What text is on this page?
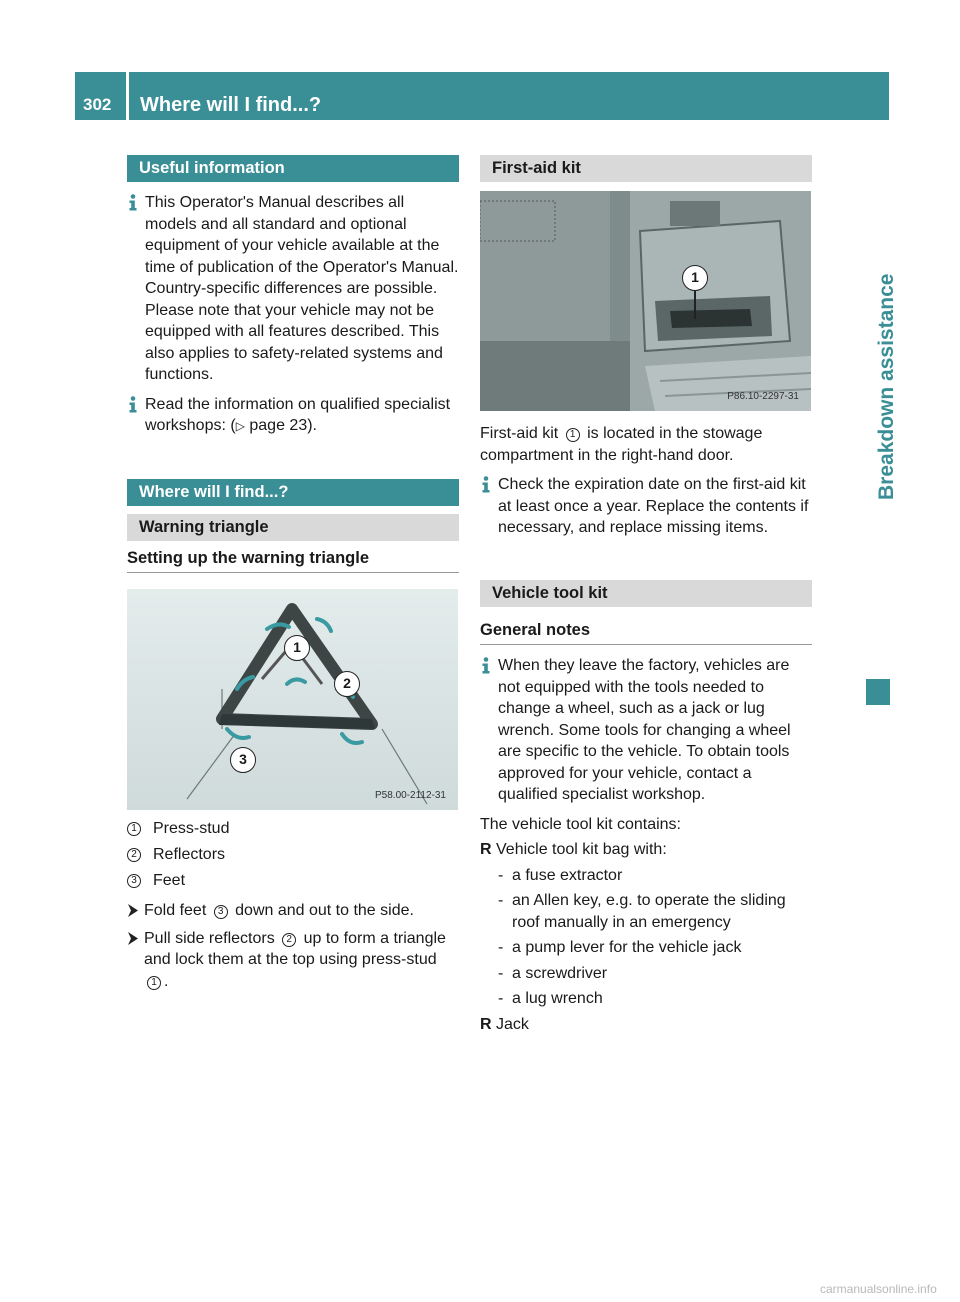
302	Where will I find...?
Breakdown assistance
Useful information
This Operator's Manual describes all models and all standard and optional equipment of your vehicle available at the time of publication of the Operator's Manual. Country-specific differences are possible. Please note that your vehicle may not be equipped with all features described. This also applies to safety-related systems and functions.
Read the information on qualified specialist workshops: (▷ page 23).
Where will I find...?
Warning triangle
Setting up the warning triangle
1
2
3
P58.00-2112-31
1 Press-stud
2 Reflectors
3 Feet
Fold feet 3 down and out to the side.
Pull side reflectors 2 up to form a triangle and lock them at the top using press-stud 1 .
First-aid kit
1
P86.10-2297-31
First-aid kit 1 is located in the stowage compartment in the right-hand door.
Check the expiration date on the first-aid kit at least once a year. Replace the contents if necessary, and replace missing items.
Vehicle tool kit
General notes
When they leave the factory, vehicles are not equipped with the tools needed to change a wheel, such as a jack or lug wrench. Some tools for changing a wheel are specific to the vehicle. To obtain tools approved for your vehicle, contact a qualified specialist workshop.
The vehicle tool kit contains:
R Vehicle tool kit bag with:
- a fuse extractor
- an Allen key, e.g. to operate the sliding roof manually in an emergency
- a pump lever for the vehicle jack
- a screwdriver
- a lug wrench
R Jack
carmanualsonline.info
